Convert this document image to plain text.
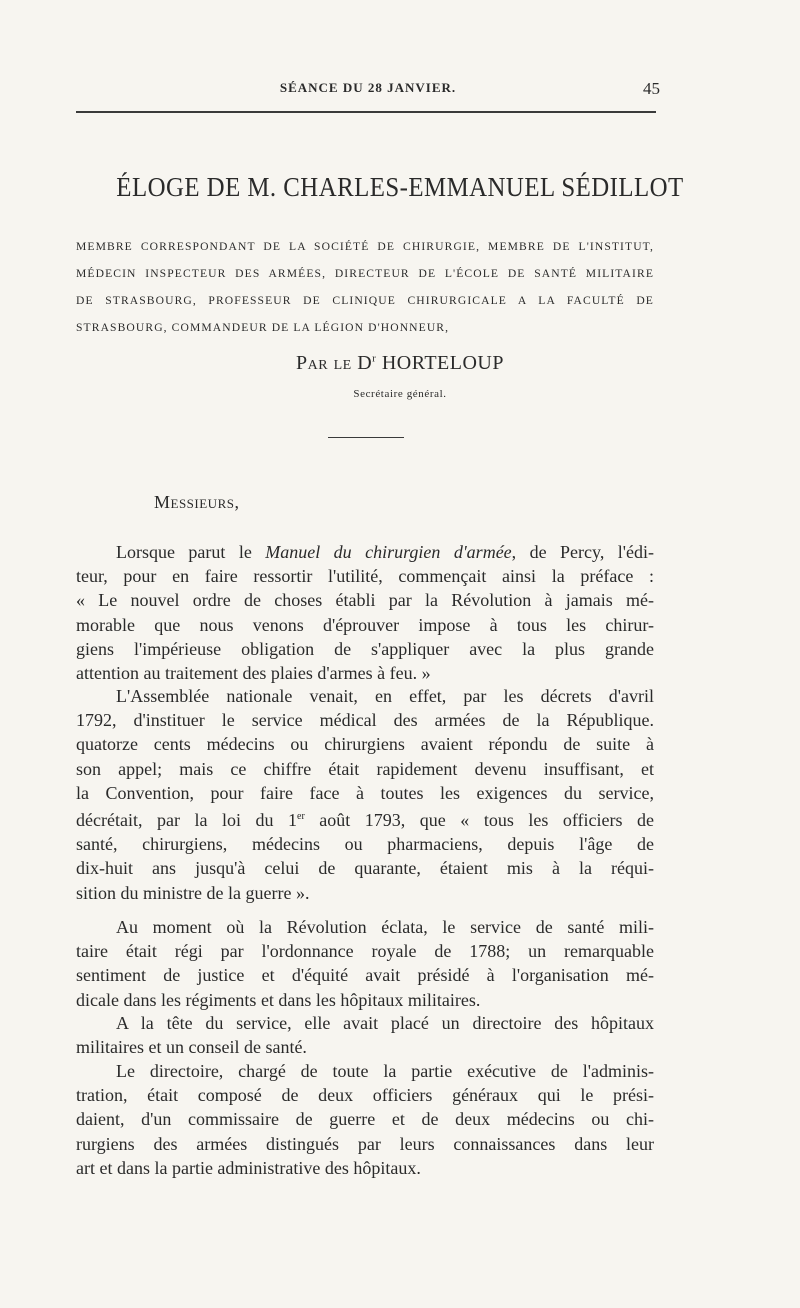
SÉANCE DU 28 JANVIER.	45
ÉLOGE DE M. CHARLES-EMMANUEL SÉDILLOT
MEMBRE CORRESPONDANT DE LA SOCIÉTÉ DE CHIRURGIE, MEMBRE DE L'INSTITUT,
MÉDECIN INSPECTEUR DES ARMÉES, DIRECTEUR DE L'ÉCOLE DE SANTÉ MILITAIRE
DE STRASBOURG, PROFESSEUR DE CLINIQUE CHIRURGICALE A LA FACULTÉ DE
STRASBOURG, COMMANDEUR DE LA LÉGION D'HONNEUR,
Par le $D^r$ HORTELOUP
Secrétaire général.
Messieurs,
Lorsque parut le Manuel du chirurgien d'armée, de Percy, l'édi-
teur, pour en faire ressortir l'utilité, commençait ainsi la préface :
« Le nouvel ordre de choses établi par la Révolution à jamais mé-
morable que nous venons d'éprouver impose à tous les chirur-
giens l'impérieuse obligation de s'appliquer avec la plus grande
attention au traitement des plaies d'armes à feu. »
L'Assemblée nationale venait, en effet, par les décrets d'avril
1792, d'instituer le service médical des armées de la République.
quatorze cents médecins ou chirurgiens avaient répondu de suite à
son appel; mais ce chiffre était rapidement devenu insuffisant, et
la Convention, pour faire face à toutes les exigences du service,
décrétait, par la loi du 1er août 1793, que « tous les officiers de
santé, chirurgiens, médecins ou pharmaciens, depuis l'âge de
dix-huit ans jusqu'à celui de quarante, étaient mis à la réqui-
sition du ministre de la guerre ».
Au moment où la Révolution éclata, le service de santé mili-
taire était régi par l'ordonnance royale de 1788; un remarquable
sentiment de justice et d'équité avait présidé à l'organisation mé-
dicale dans les régiments et dans les hôpitaux militaires.
A la tête du service, elle avait placé un directoire des hôpitaux
militaires et un conseil de santé.
Le directoire, chargé de toute la partie exécutive de l'adminis-
tration, était composé de deux officiers généraux qui le prési-
daient, d'un commissaire de guerre et de deux médecins ou chi-
rurgiens des armées distingués par leurs connaissances dans leur
art et dans la partie administrative des hôpitaux.
